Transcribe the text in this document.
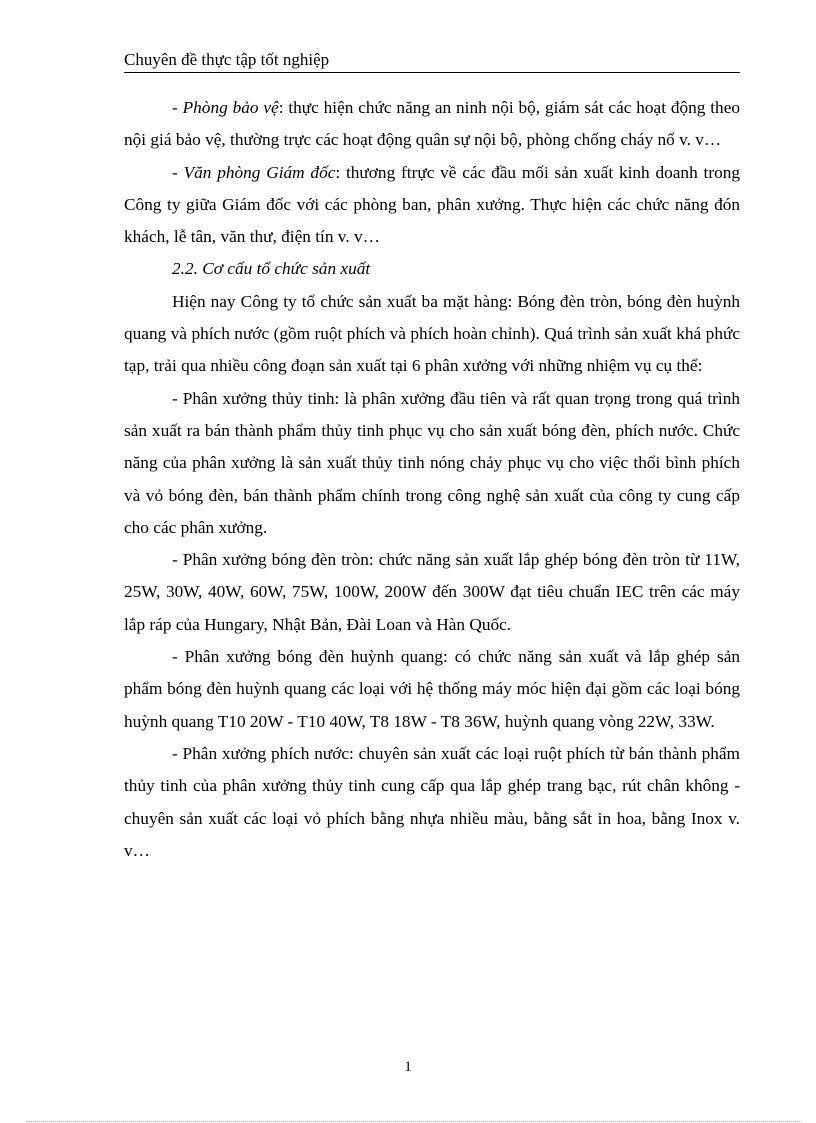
Chuyên đề thực tập tốt nghiệp

- Phòng bảo vệ: thực hiện chức năng an ninh nội bộ, giám sát các hoạt động theo nội giá bảo vệ, thường trực các hoạt động quân sự nội bộ, phòng chống cháy nổ v. v…

- Văn phòng Giám đốc: thương ftrực về các đầu mối sản xuất kinh doanh trong Công ty giữa Giám đốc với các phòng ban, phân xưởng. Thực hiện các chức năng đón khách, lễ tân, văn thư, điện tín v. v…

2.2. Cơ cấu tổ chức sản xuất

Hiện nay Công ty tổ chức sản xuất ba mặt hàng: Bóng đèn tròn, bóng đèn huỳnh quang và phích nước (gồm ruột phích và phích hoàn chỉnh). Quá trình sản xuất khá phức tạp, trải qua nhiều công đoạn sản xuất tại 6 phân xưởng với những nhiệm vụ cụ thể:

- Phân xưởng thủy tinh: là phân xưởng đầu tiên và rất quan trọng trong quá trình sản xuất ra bán thành phẩm thủy tinh phục vụ cho sản xuất bóng đèn, phích nước. Chức năng của phân xưởng là sản xuất thủy tinh nóng chảy phục vụ cho việc thổi bình phích và vỏ bóng đèn, bán thành phẩm chính trong công nghệ sản xuất của công ty cung cấp cho các phân xưởng.

- Phân xưởng bóng đèn tròn: chức năng sản xuất lắp ghép bóng đèn tròn từ 11W, 25W, 30W, 40W, 60W, 75W, 100W, 200W đến 300W đạt tiêu chuẩn IEC trên các máy lắp ráp của Hungary, Nhật Bản, Đài Loan và Hàn Quốc.

- Phân xưởng bóng đèn huỳnh quang: có chức năng sản xuất và lắp ghép sản phẩm bóng đèn huỳnh quang các loại với hệ thống máy móc hiện đại gồm các loại bóng huỳnh quang T10 20W - T10 40W, T8 18W - T8 36W, huỳnh quang vòng 22W, 33W.

- Phân xưởng phích nước: chuyên sản xuất các loại ruột phích từ bán thành phẩm thủy tinh của phân xưởng thủy tinh cung cấp qua lắp ghép trang bạc, rút chân không - chuyên sản xuất các loại vỏ phích bằng nhựa nhiều màu, bằng sắt in hoa, bằng Inox v. v…

1
